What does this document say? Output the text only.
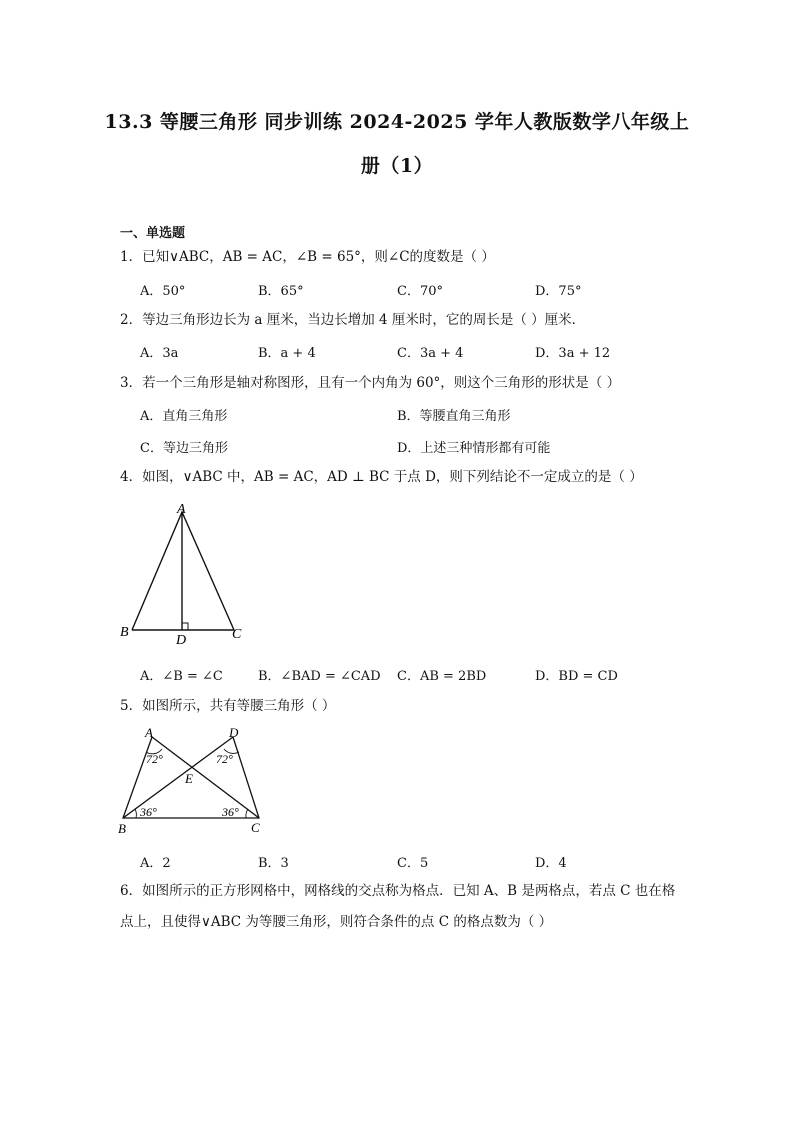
13.3 等腰三角形 同步训练 2024-2025 学年人教版数学八年级上
册（1）
一、单选题
1．已知∨ABC，AB = AC，∠B = 65°，则∠C的度数是（ ）
A．50°	B．65°	C．70°	D．75°
2．等边三角形边长为 a 厘米，当边长增加 4 厘米时，它的周长是（ ）厘米．
A．3a	B．a + 4	C．3a + 4	D．3a + 12
3．若一个三角形是轴对称图形，且有一个内角为 60°，则这个三角形的形状是（ ）
A．直角三角形	B．等腰直角三角形
C．等边三角形	D．上述三种情形都有可能
4．如图，∨ABC 中，AB = AC，AD ⊥ BC 于点 D，则下列结论不一定成立的是（ ）
A
B	C
D
A．∠B = ∠C	B．∠BAD = ∠CAD C．AB = 2BD	D．BD = CD
5．如图所示，共有等腰三角形（ ）
A	D
E
B	C
72°	72°
36°	36°
A．2	B．3	C．5	D．4
6．如图所示的正方形网格中，网格线的交点称为格点．已知 A、B 是两格点，若点 C 也在格点上，且使得∨ABC 为等腰三角形，则符合条件的点 C 的格点数为（ ）
